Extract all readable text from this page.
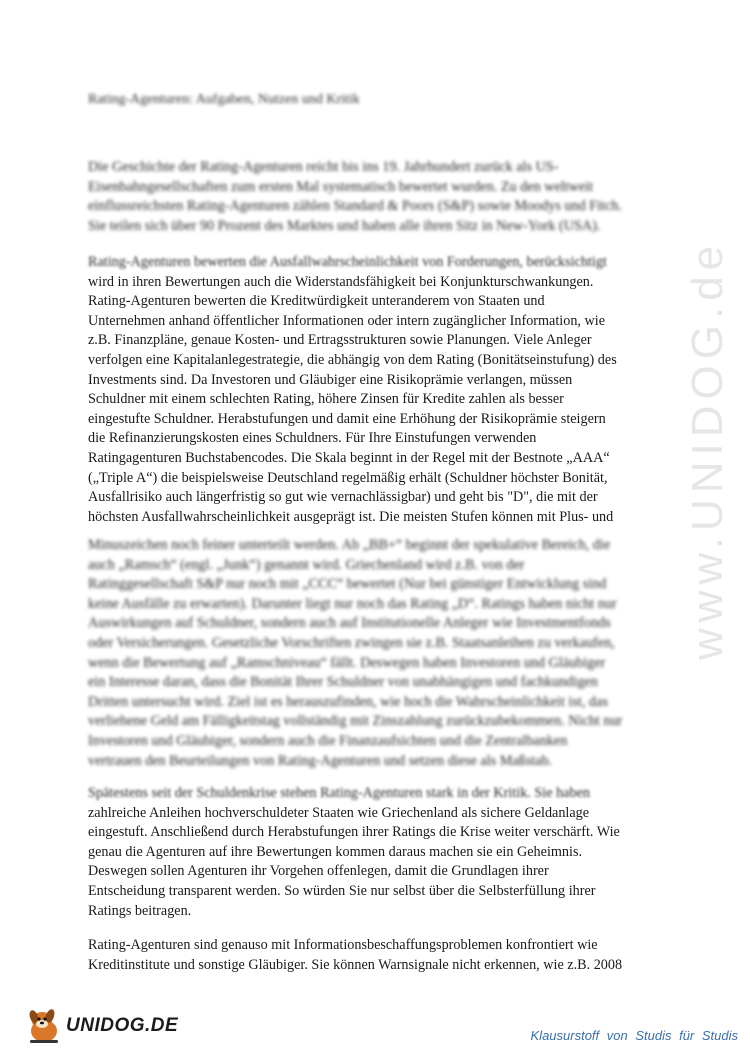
www.UNIDOG.de
Rating-Agenturen: Aufgaben, Nutzen und Kritik
Die Geschichte der Rating-Agenturen reicht bis ins 19. Jahrhundert zurück als US-
Eisenbahngesellschaften zum ersten Mal systematisch bewertet wurden. Zu den weltweit
einflussreichsten Rating-Agenturen zählen Standard & Poors (S&P) sowie Moodys und Fitch.
Sie teilen sich über 90 Prozent des Marktes und haben alle ihren Sitz in New-York (USA).
Rating-Agenturen bewerten die Ausfallwahrscheinlichkeit von Forderungen, berücksichtigt
wird in ihren Bewertungen auch die Widerstandsfähigkeit bei Konjunkturschwankungen.
Rating-Agenturen bewerten die Kreditwürdigkeit unteranderem von Staaten und
Unternehmen anhand öffentlicher Informationen oder intern zugänglicher Information, wie
z.B. Finanzpläne, genaue Kosten- und Ertragsstrukturen sowie Planungen. Viele Anleger
verfolgen eine Kapitalanlegestrategie, die abhängig von dem Rating (Bonitätseinstufung) des
Investments sind. Da Investoren und Gläubiger eine Risikoprämie verlangen, müssen
Schuldner mit einem schlechten Rating, höhere Zinsen für Kredite zahlen als besser
eingestufte Schuldner. Herabstufungen und damit eine Erhöhung der Risikoprämie steigern
die Refinanzierungskosten eines Schuldners. Für Ihre Einstufungen verwenden
Ratingagenturen Buchstabencodes. Die Skala beginnt in der Regel mit der Bestnote „AAA“
(„Triple A“) die beispielsweise Deutschland regelmäßig erhält (Schuldner höchster Bonität,
Ausfallrisiko auch längerfristig so gut wie vernachlässigbar) und geht bis "D", die mit der
höchsten Ausfallwahrscheinlichkeit ausgeprägt ist. Die meisten Stufen können mit Plus- und
Minuszeichen noch feiner unterteilt werden. Ab „BB+“ beginnt der spekulative Bereich, die
auch „Ramsch“ (engl. „Junk“) genannt wird. Griechenland wird z.B. von der
Ratinggesellschaft S&P nur noch mit „CCC“ bewertet (Nur bei günstiger Entwicklung sind
keine Ausfälle zu erwarten). Darunter liegt nur noch das Rating „D“. Ratings haben nicht nur
Auswirkungen auf Schuldner, sondern auch auf Institutionelle Anleger wie Investmentfonds
oder Versicherungen. Gesetzliche Vorschriften zwingen sie z.B. Staatsanleihen zu verkaufen,
wenn die Bewertung auf „Ramschniveau“ fällt. Deswegen haben Investoren und Gläubiger
ein Interesse daran, dass die Bonität Ihrer Schuldner von unabhängigen und fachkundigen
Dritten untersucht wird. Ziel ist es herauszufinden, wie hoch die Wahrscheinlichkeit ist, das
verliehene Geld am Fälligkeitstag vollständig mit Zinszahlung zurückzubekommen. Nicht nur
Investoren und Gläubiger, sondern auch die Finanzaufsichten und die Zentralbanken
vertrauen den Beurteilungen von Rating-Agenturen und setzen diese als Maßstab.
Spätestens seit der Schuldenkrise stehen Rating-Agenturen stark in der Kritik. Sie haben
zahlreiche Anleihen hochverschuldeter Staaten wie Griechenland als sichere Geldanlage
eingestuft. Anschließend durch Herabstufungen ihrer Ratings die Krise weiter verschärft. Wie
genau die Agenturen auf ihre Bewertungen kommen daraus machen sie ein Geheimnis.
Deswegen sollen Agenturen ihr Vorgehen offenlegen, damit die Grundlagen ihrer
Entscheidung transparent werden. So würden Sie nur selbst über die Selbsterfüllung ihrer
Ratings beitragen.
Rating-Agenturen sind genauso mit Informationsbeschaffungsproblemen konfrontiert wie
Kreditinstitute und sonstige Gläubiger. Sie können Warnsignale nicht erkennen, wie z.B. 2008
UNIDOG.DE	Klausurstoff von Studis für Studis
